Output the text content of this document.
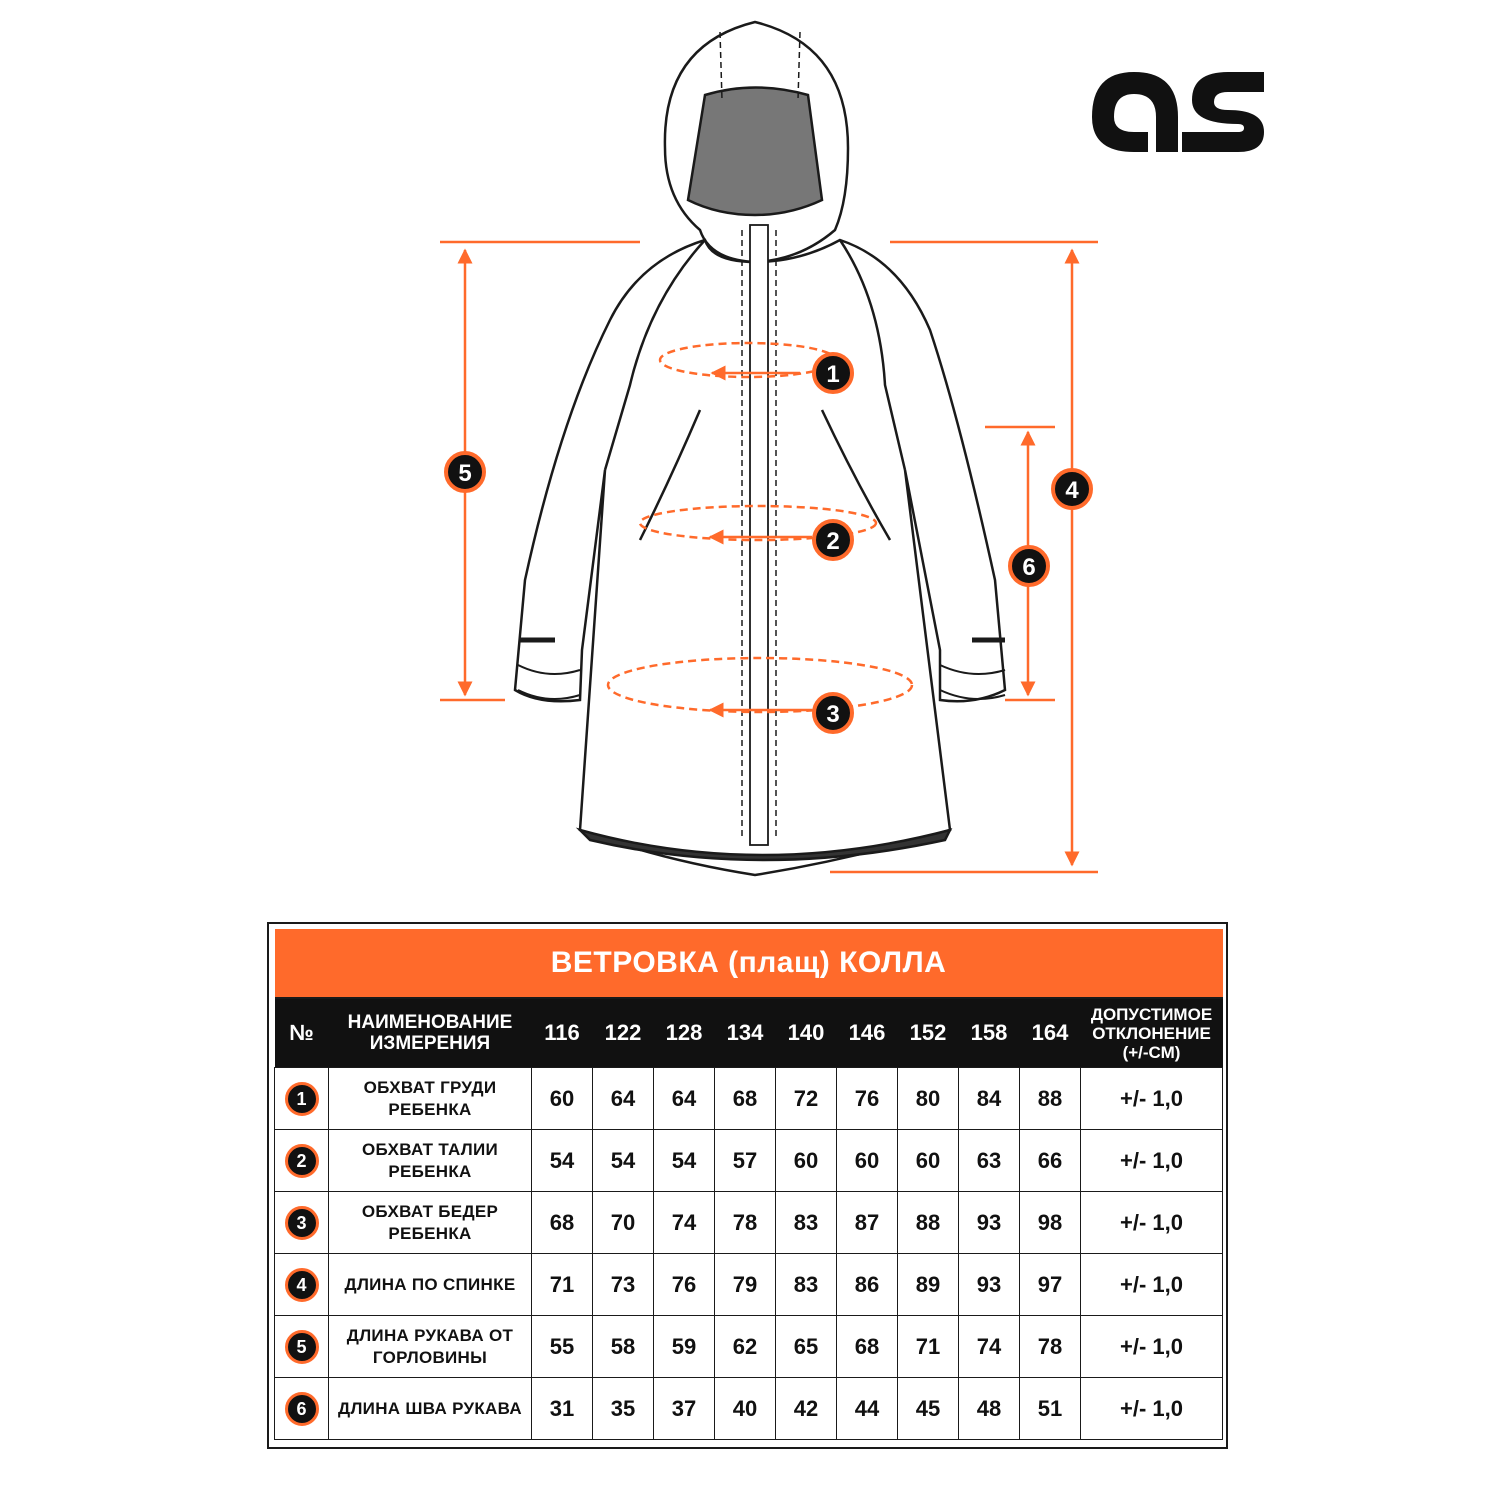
1
2
3
4
5
6
ВЕТРОВКА (плащ) КОЛЛА											
№	НАИМЕНОВАНИЕ
ИЗМЕРЕНИЯ	116	122	128	134	140	146	152	158	164	ДОПУСТИМОЕ
ОТКЛОНЕНИЕ
(+/-СМ)
1	ОБХВАТ ГРУДИ
РЕБЕНКА	60	64	64	68	72	76	80	84	88	+/- 1,0
2	ОБХВАТ ТАЛИИ
РЕБЕНКА	54	54	54	57	60	60	60	63	66	+/- 1,0
3	ОБХВАТ БЕДЕР
РЕБЕНКА	68	70	74	78	83	87	88	93	98	+/- 1,0
4	ДЛИНА ПО СПИНКЕ	71	73	76	79	83	86	89	93	97	+/- 1,0
5	ДЛИНА РУКАВА ОТ
ГОРЛОВИНЫ	55	58	59	62	65	68	71	74	78	+/- 1,0
6	ДЛИНА ШВА РУКАВА	31	35	37	40	42	44	45	48	51	+/- 1,0
